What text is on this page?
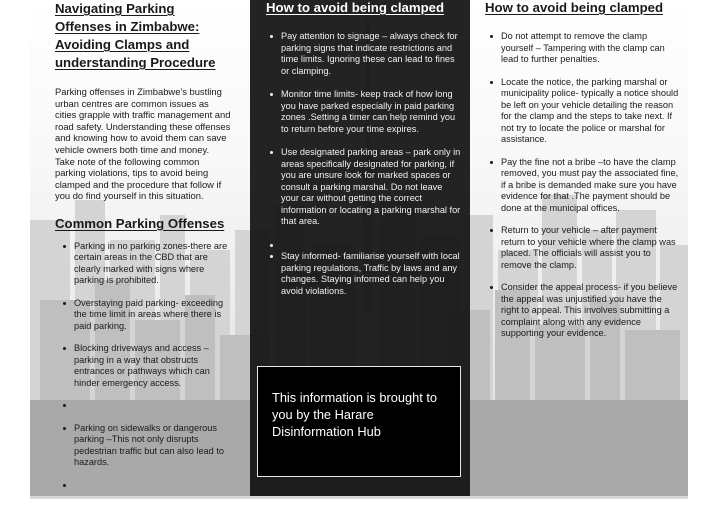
Navigating Parking Offenses in Zimbabwe: Avoiding Clamps and understanding Procedure

Parking offenses in Zimbabwe's bustling urban centres are common issues as cities grapple with traffic management and road safety. Understanding these offenses and knowing how to avoid them can save vehicle owners both time and money. Take note of the following common parking violations, tips to avoid being clamped and the procedure that follow if you do find yourself in this situation.

Common Parking Offenses
Parking in no parking zones-there are certain areas in the CBD that are clearly marked with signs where parking is prohibited.
Overstaying paid parking- exceeding the time limit in areas where there is paid parking.
Blocking driveways and access – parking in a way that obstructs entrances or pathways which can hinder emergency access.
Parking on sidewalks or dangerous parking –This not only disrupts pedestrian traffic but can also lead to hazards.
How to avoid being clamped
Pay attention to signage – always check for parking signs that indicate restrictions and time limits. Ignoring these can lead to fines or clamping.
Monitor time limits- keep track of how long you have parked especially in paid parking zones .Setting a timer can help remind you to return before your time expires.
Use designated parking areas – park only in areas specifically designated for parking, if you are unsure look for marked spaces or consult a parking marshal. Do not leave your car without getting the correct information or locating a parking marshal for that area.
Stay informed- familiarise yourself with local parking regulations, Traffic by laws and any changes. Staying informed can help you avoid violations.

This information is brought to you by the Harare Disinformation Hub

How to avoid being clamped
Do not attempt to remove the clamp yourself – Tampering with the clamp can lead to further penalties.
Locate the notice, the parking marshal or municipality police- typically a notice should be left on your vehicle detailing the reason for the clamp and the steps to take next. If not try to locate the police or marshal for assistance.
Pay the fine not a bribe –to have the clamp removed, you must pay the associated fine, if a bribe is demanded make sure you have evidence for that .The payment should be done at the municipal offices.
Return to your vehicle – after payment return to your vehicle where the clamp was placed. The officials will assist you to remove the clamp.
Consider the appeal process- if you believe the appeal was unjustified you have the right to appeal. This involves submitting a complaint along with any evidence supporting your evidence.
